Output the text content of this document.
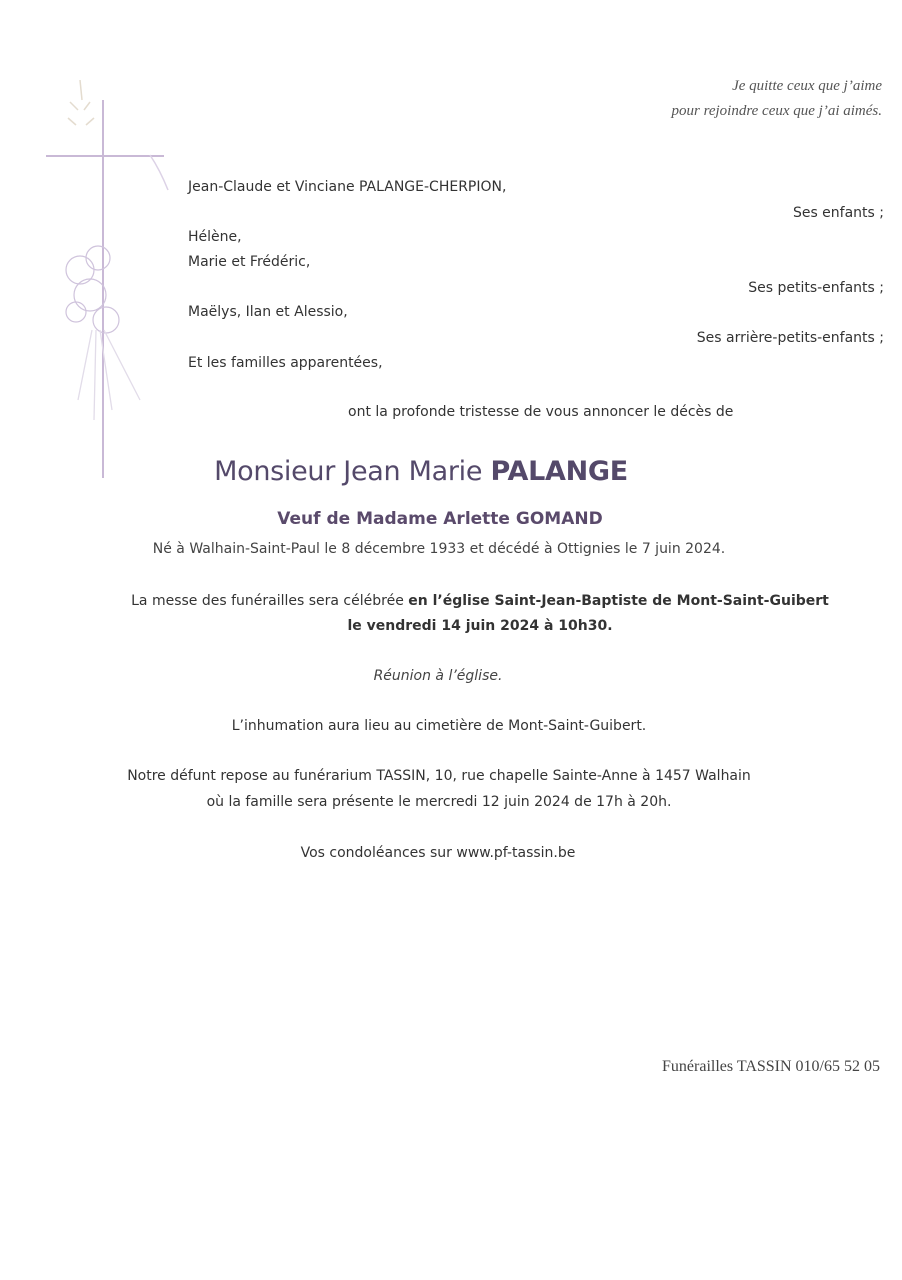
Je quitte ceux que j’aime
pour rejoindre ceux que j’ai aimés.
Jean-Claude et Vinciane PALANGE-CHERPION,
Ses enfants ;
Hélène,
Marie et Frédéric,
Ses petits-enfants ;
Maëlys, Ilan et Alessio,
Ses arrière-petits-enfants ;
Et les familles apparentées,
ont la profonde tristesse de vous annoncer le décès de
Monsieur Jean Marie PALANGE
Veuf de Madame Arlette GOMAND
Né à Walhain-Saint-Paul le 8 décembre 1933 et décédé à Ottignies le 7 juin 2024.
La messe des funérailles sera célébrée en l’église Saint-Jean-Baptiste de Mont-Saint-Guibert
le vendredi 14 juin 2024 à 10h30.
Réunion à l’église.
L’inhumation aura lieu au cimetière de Mont-Saint-Guibert.
Notre défunt repose au funérarium TASSIN, 10, rue chapelle Sainte-Anne à 1457 Walhain
où la famille sera présente le mercredi 12 juin 2024 de 17h à 20h.
Vos condoléances sur www.pf-tassin.be
Funérailles TASSIN 010/65 52 05
